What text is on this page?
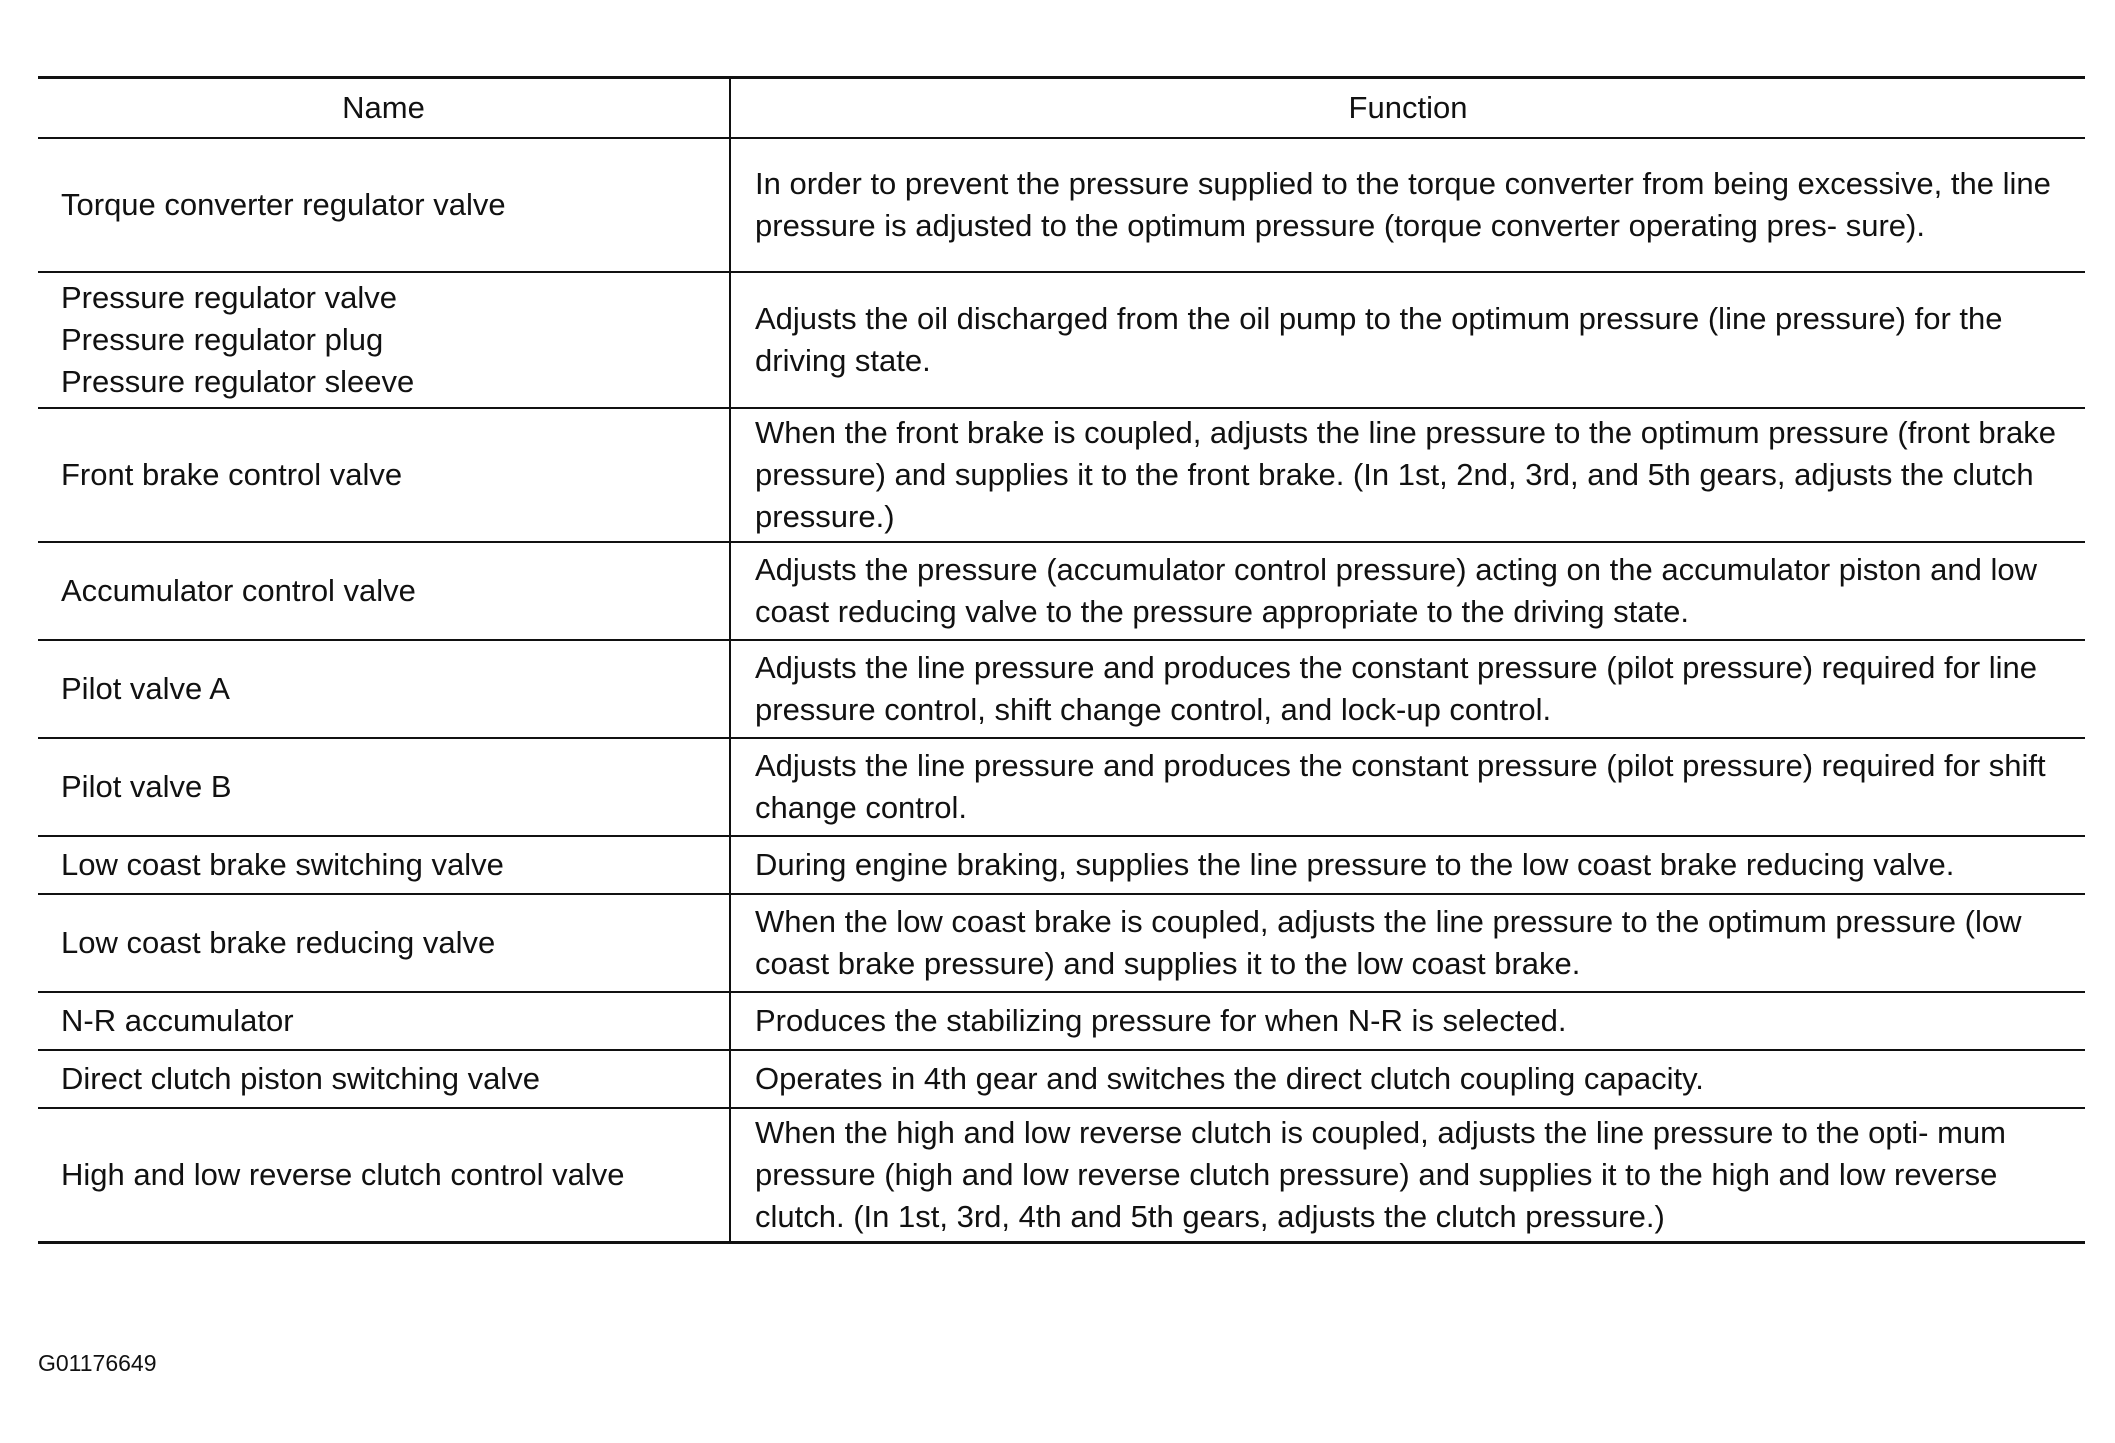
Name	Function

Torque converter regulator valve	In order to prevent the pressure supplied to the torque converter from being excessive, the line pressure is adjusted to the optimum pressure (torque converter operating pres- sure).

Pressure regulator valve
Pressure regulator plug
Pressure regulator sleeve	Adjusts the oil discharged from the oil pump to the optimum pressure (line pressure) for the driving state.

Front brake control valve	When the front brake is coupled, adjusts the line pressure to the optimum pressure (front brake pressure) and supplies it to the front brake. (In 1st, 2nd, 3rd, and 5th gears, adjusts the clutch pressure.)

Accumulator control valve	Adjusts the pressure (accumulator control pressure) acting on the accumulator piston and low coast reducing valve to the pressure appropriate to the driving state.

Pilot valve A	Adjusts the line pressure and produces the constant pressure (pilot pressure) required for line pressure control, shift change control, and lock-up control.

Pilot valve B	Adjusts the line pressure and produces the constant pressure (pilot pressure) required for shift change control.

Low coast brake switching valve	During engine braking, supplies the line pressure to the low coast brake reducing valve.

Low coast brake reducing valve	When the low coast brake is coupled, adjusts the line pressure to the optimum pressure (low coast brake pressure) and supplies it to the low coast brake.

N-R accumulator	Produces the stabilizing pressure for when N-R is selected.

Direct clutch piston switching valve	Operates in 4th gear and switches the direct clutch coupling capacity.

High and low reverse clutch control valve	When the high and low reverse clutch is coupled, adjusts the line pressure to the opti- mum pressure (high and low reverse clutch pressure) and supplies it to the high and low reverse clutch. (In 1st, 3rd, 4th and 5th gears, adjusts the clutch pressure.)
G01176649
